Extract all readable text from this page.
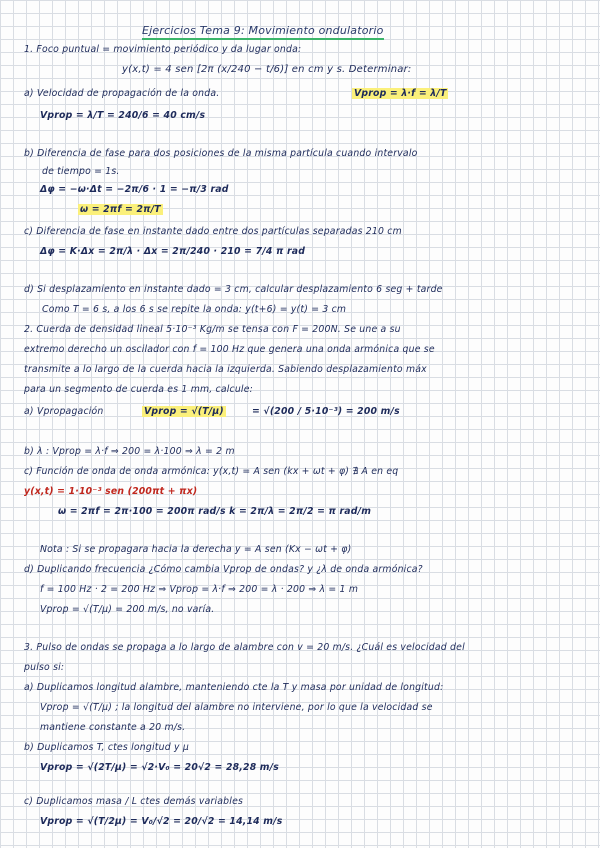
Ejercicios Tema 9: Movimiento ondulatorio
1. Foco puntual = movimiento periódico y da lugar onda:
y(x,t) = 4 sen [2π (x/240 − t/6)] en cm y s. Determinar:
a) Velocidad de propagación de la onda.	Vprop = λ·f = λ/T
Vprop = λ/T = 240/6 = 40 cm/s
b) Diferencia de fase para dos posiciones de la misma partícula cuando intervalo
de tiempo = 1s.
Δφ = −ω·Δt = −2π/6 · 1 = −π/3 rad
ω = 2πf = 2π/T
c) Diferencia de fase en instante dado entre dos partículas separadas 210 cm
Δφ = K·Δx = 2π/λ · Δx = 2π/240 · 210 = 7/4 π rad
d) Si desplazamiento en instante dado = 3 cm, calcular desplazamiento 6 seg + tarde
Como T = 6 s, a los 6 s se repite la onda: y(t+6) = y(t) = 3 cm
2. Cuerda de densidad lineal 5·10⁻³ Kg/m se tensa con F = 200N. Se une a su
extremo derecho un oscilador con f = 100 Hz que genera una onda armónica que se
transmite a lo largo de la cuerda hacia la izquierda. Sabiendo desplazamiento máx
para un segmento de cuerda es 1 mm, calcule:
a) Vpropagación	Vprop = √(T/μ)	= √(200 / 5·10⁻³) = 200 m/s
b) λ : Vprop = λ·f ⇒ 200 = λ·100 ⇒ λ = 2 m
c) Función de onda de onda armónica: y(x,t) = A sen (kx + ωt + φ) ∄ A en eq
y(x,t) = 1·10⁻³ sen (200πt + πx)
ω = 2πf = 2π·100 = 200π rad/s k = 2π/λ = 2π/2 = π rad/m
Nota : Si se propagara hacia la derecha y = A sen (Kx − ωt + φ)
d) Duplicando frecuencia ¿Cómo cambia Vprop de ondas? y ¿λ de onda armónica?
f = 100 Hz · 2 = 200 Hz ⇒ Vprop = λ·f ⇒ 200 = λ · 200 ⇒ λ = 1 m
Vprop = √(T/μ) = 200 m/s, no varía.
3. Pulso de ondas se propaga a lo largo de alambre con v = 20 m/s. ¿Cuál es velocidad del
pulso si:
a) Duplicamos longitud alambre, manteniendo cte la T y masa por unidad de longitud:
Vprop = √(T/μ) ; la longitud del alambre no interviene, por lo que la velocidad se
mantiene constante a 20 m/s.
b) Duplicamos T, ctes longitud y μ
Vprop = √(2T/μ) = √2·V₀ = 20√2 = 28,28 m/s
c) Duplicamos masa / L ctes demás variables
Vprop = √(T/2μ) = V₀/√2 = 20/√2 = 14,14 m/s
